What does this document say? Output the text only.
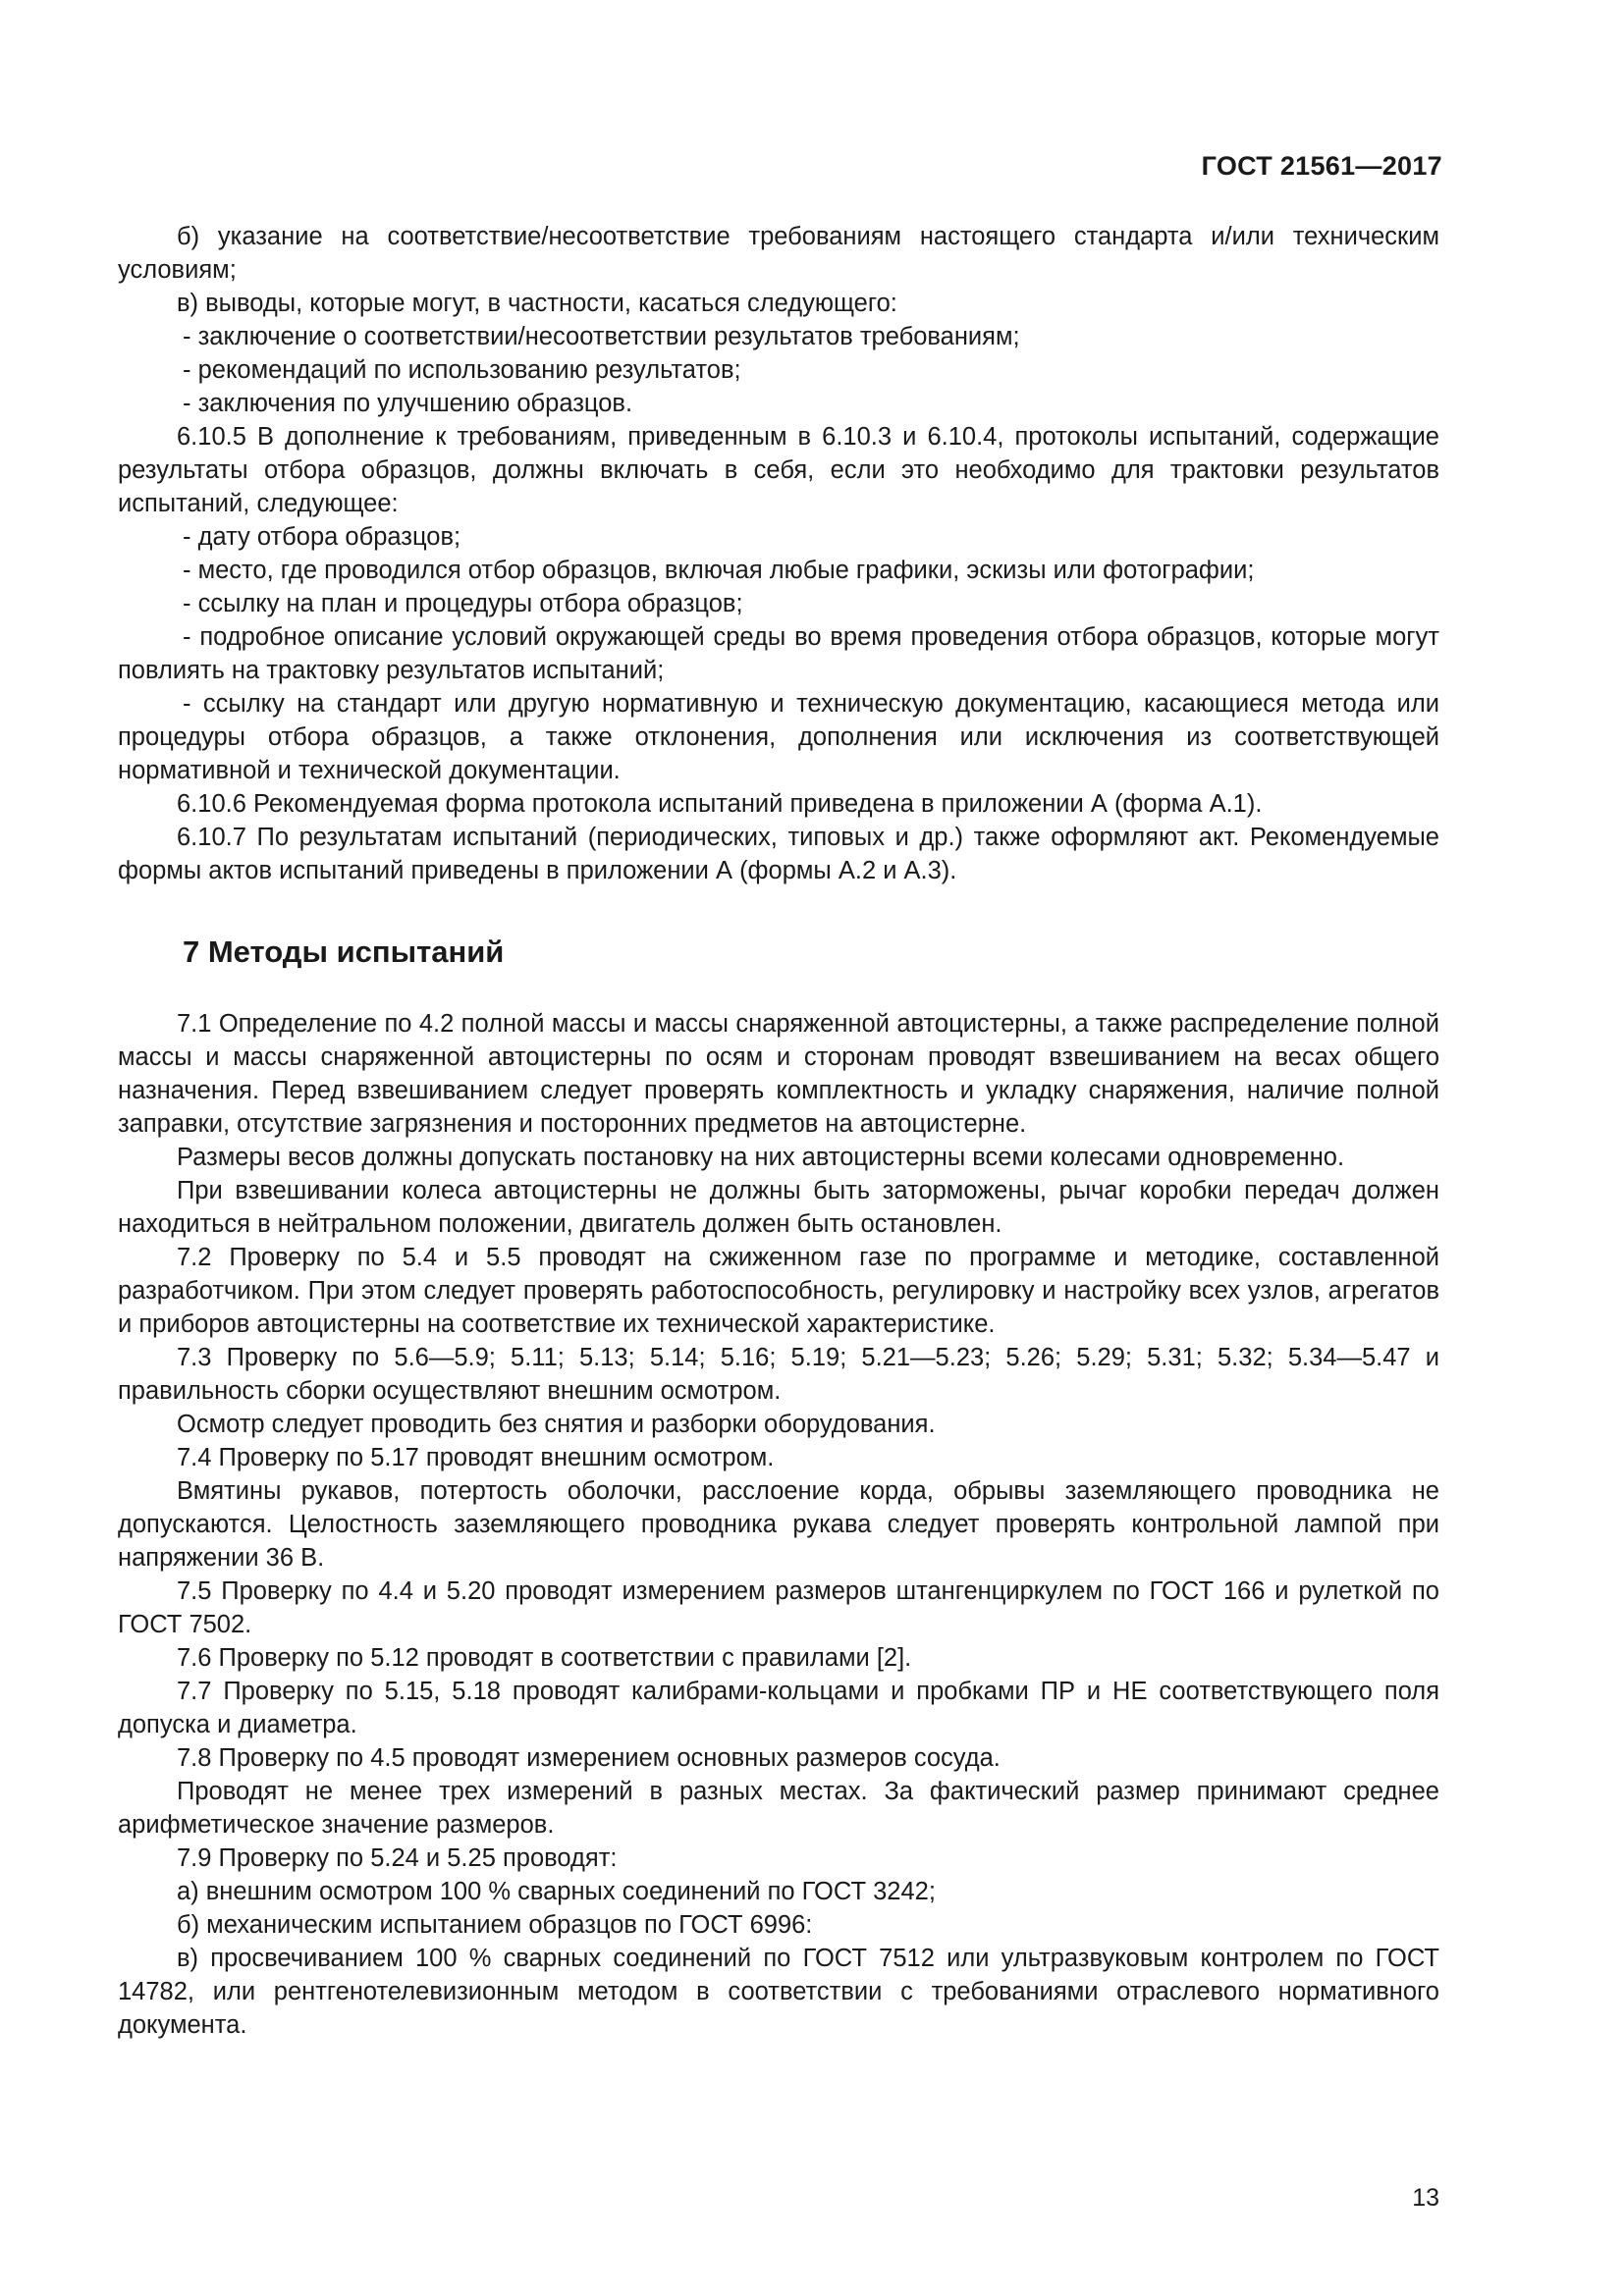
ГОСТ 21561—2017

б) указание на соответствие/несоответствие требованиям настоящего стандарта и/или техническим условиям;

в) выводы, которые могут, в частности, касаться следующего:

- заключение о соответствии/несоответствии результатов требованиям;

- рекомендаций по использованию результатов;

- заключения по улучшению образцов.

6.10.5 В дополнение к требованиям, приведенным в 6.10.3 и 6.10.4, протоколы испытаний, содержащие результаты отбора образцов, должны включать в себя, если это необходимо для трактовки результатов испытаний, следующее:

- дату отбора образцов;

- место, где проводился отбор образцов, включая любые графики, эскизы или фотографии;

- ссылку на план и процедуры отбора образцов;

- подробное описание условий окружающей среды во время проведения отбора образцов, которые могут повлиять на трактовку результатов испытаний;

- ссылку на стандарт или другую нормативную и техническую документацию, касающиеся метода или процедуры отбора образцов, а также отклонения, дополнения или исключения из соответствующей нормативной и технической документации.

6.10.6 Рекомендуемая форма протокола испытаний приведена в приложении А (форма А.1).

6.10.7 По результатам испытаний (периодических, типовых и др.) также оформляют акт. Рекомендуемые формы актов испытаний приведены в приложении А (формы А.2 и А.3).

7 Методы испытаний

7.1 Определение по 4.2 полной массы и массы снаряженной автоцистерны, а также распределение полной массы и массы снаряженной автоцистерны по осям и сторонам проводят взвешиванием на весах общего назначения. Перед взвешиванием следует проверять комплектность и укладку снаряжения, наличие полной заправки, отсутствие загрязнения и посторонних предметов на автоцистерне.

Размеры весов должны допускать постановку на них автоцистерны всеми колесами одновременно.

При взвешивании колеса автоцистерны не должны быть заторможены, рычаг коробки передач должен находиться в нейтральном положении, двигатель должен быть остановлен.

7.2 Проверку по 5.4 и 5.5 проводят на сжиженном газе по программе и методике, составленной разработчиком. При этом следует проверять работоспособность, регулировку и настройку всех узлов, агрегатов и приборов автоцистерны на соответствие их технической характеристике.

7.3 Проверку по 5.6—5.9; 5.11; 5.13; 5.14; 5.16; 5.19; 5.21—5.23; 5.26; 5.29; 5.31; 5.32; 5.34—5.47 и правильность сборки осуществляют внешним осмотром.

Осмотр следует проводить без снятия и разборки оборудования.

7.4 Проверку по 5.17 проводят внешним осмотром.

Вмятины рукавов, потертость оболочки, расслоение корда, обрывы заземляющего проводника не допускаются. Целостность заземляющего проводника рукава следует проверять контрольной лампой при напряжении 36 В.

7.5 Проверку по 4.4 и 5.20 проводят измерением размеров штангенциркулем по ГОСТ 166 и рулеткой по ГОСТ 7502.

7.6 Проверку по 5.12 проводят в соответствии с правилами [2].

7.7 Проверку по 5.15, 5.18 проводят калибрами-кольцами и пробками ПР и НЕ соответствующего поля допуска и диаметра.

7.8 Проверку по 4.5 проводят измерением основных размеров сосуда.

Проводят не менее трех измерений в разных местах. За фактический размер принимают среднее арифметическое значение размеров.

7.9 Проверку по 5.24 и 5.25 проводят:

а) внешним осмотром 100 % сварных соединений по ГОСТ 3242;

б) механическим испытанием образцов по ГОСТ 6996:

в) просвечиванием 100 % сварных соединений по ГОСТ 7512 или ультразвуковым контролем по ГОСТ 14782, или рентгенотелевизионным методом в соответствии с требованиями отраслевого нормативного документа.

13
